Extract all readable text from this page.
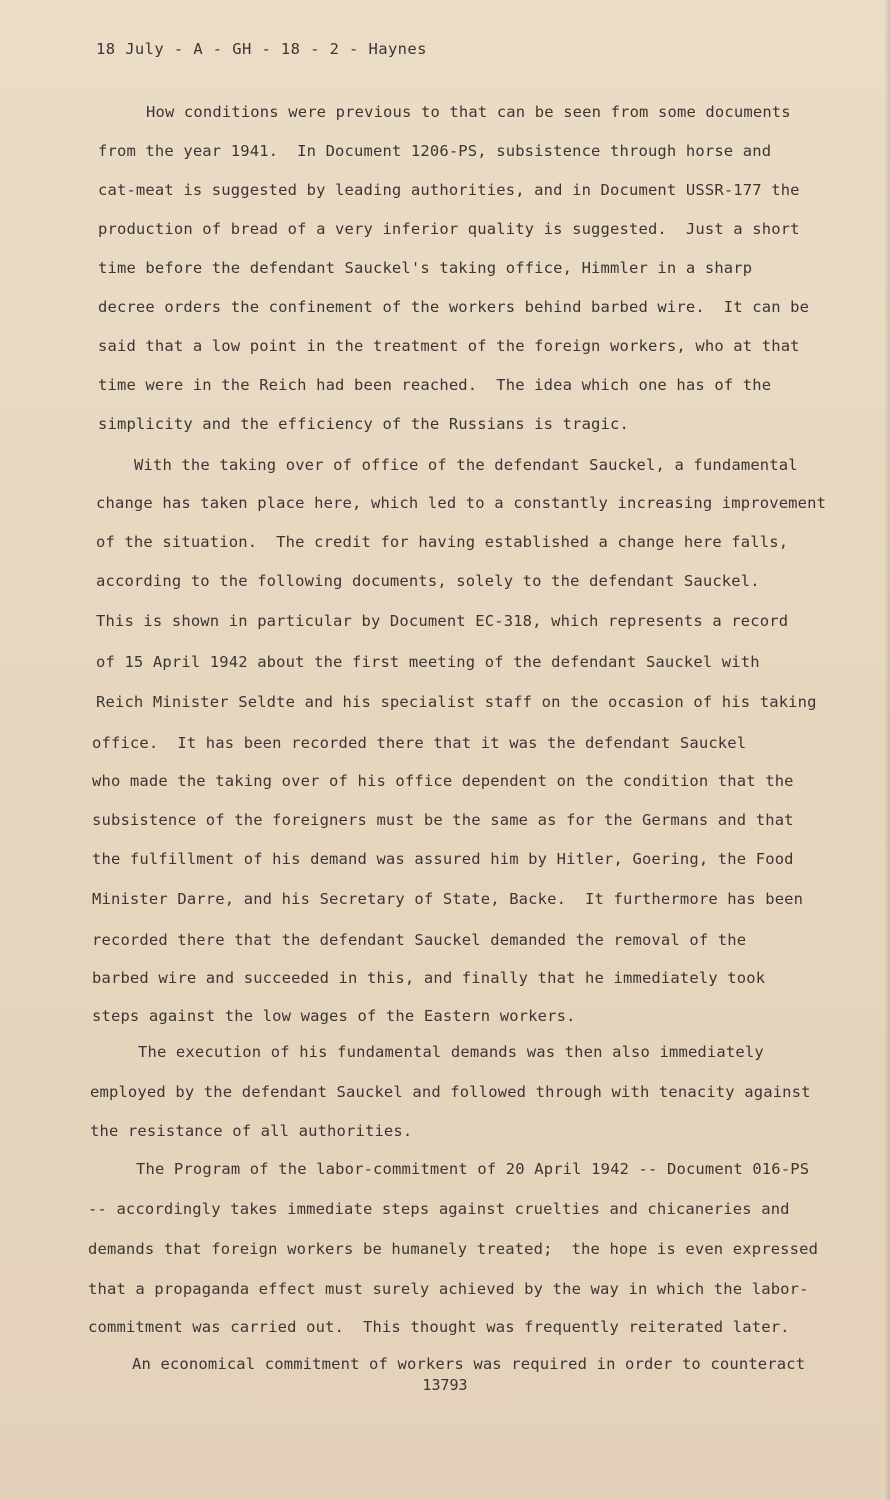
18 July - A - GH - 18 - 2 - Haynes
How conditions were previous to that can be seen from some documents
from the year 1941.  In Document 1206-PS, subsistence through horse and
cat-meat is suggested by leading authorities, and in Document USSR-177 the
production of bread of a very inferior quality is suggested.  Just a short
time before the defendant Sauckel's taking office, Himmler in a sharp
decree orders the confinement of the workers behind barbed wire.  It can be
said that a low point in the treatment of the foreign workers, who at that
time were in the Reich had been reached.  The idea which one has of the
simplicity and the efficiency of the Russians is tragic.
With the taking over of office of the defendant Sauckel, a fundamental
change has taken place here, which led to a constantly increasing improvement
of the situation.  The credit for having established a change here falls,
according to the following documents, solely to the defendant Sauckel.
This is shown in particular by Document EC-318, which represents a record
of 15 April 1942 about the first meeting of the defendant Sauckel with
Reich Minister Seldte and his specialist staff on the occasion of his taking
office.  It has been recorded there that it was the defendant Sauckel
who made the taking over of his office dependent on the condition that the
subsistence of the foreigners must be the same as for the Germans and that
the fulfillment of his demand was assured him by Hitler, Goering, the Food
Minister Darre, and his Secretary of State, Backe.  It furthermore has been
recorded there that the defendant Sauckel demanded the removal of the
barbed wire and succeeded in this, and finally that he immediately took
steps against the low wages of the Eastern workers.
The execution of his fundamental demands was then also immediately
employed by the defendant Sauckel and followed through with tenacity against
the resistance of all authorities.
The Program of the labor-commitment of 20 April 1942 -- Document 016-PS
-- accordingly takes immediate steps against cruelties and chicaneries and
demands that foreign workers be humanely treated;  the hope is even expressed
that a propaganda effect must surely achieved by the way in which the labor-
commitment was carried out.  This thought was frequently reiterated later.
An economical commitment of workers was required in order to counteract
13793
